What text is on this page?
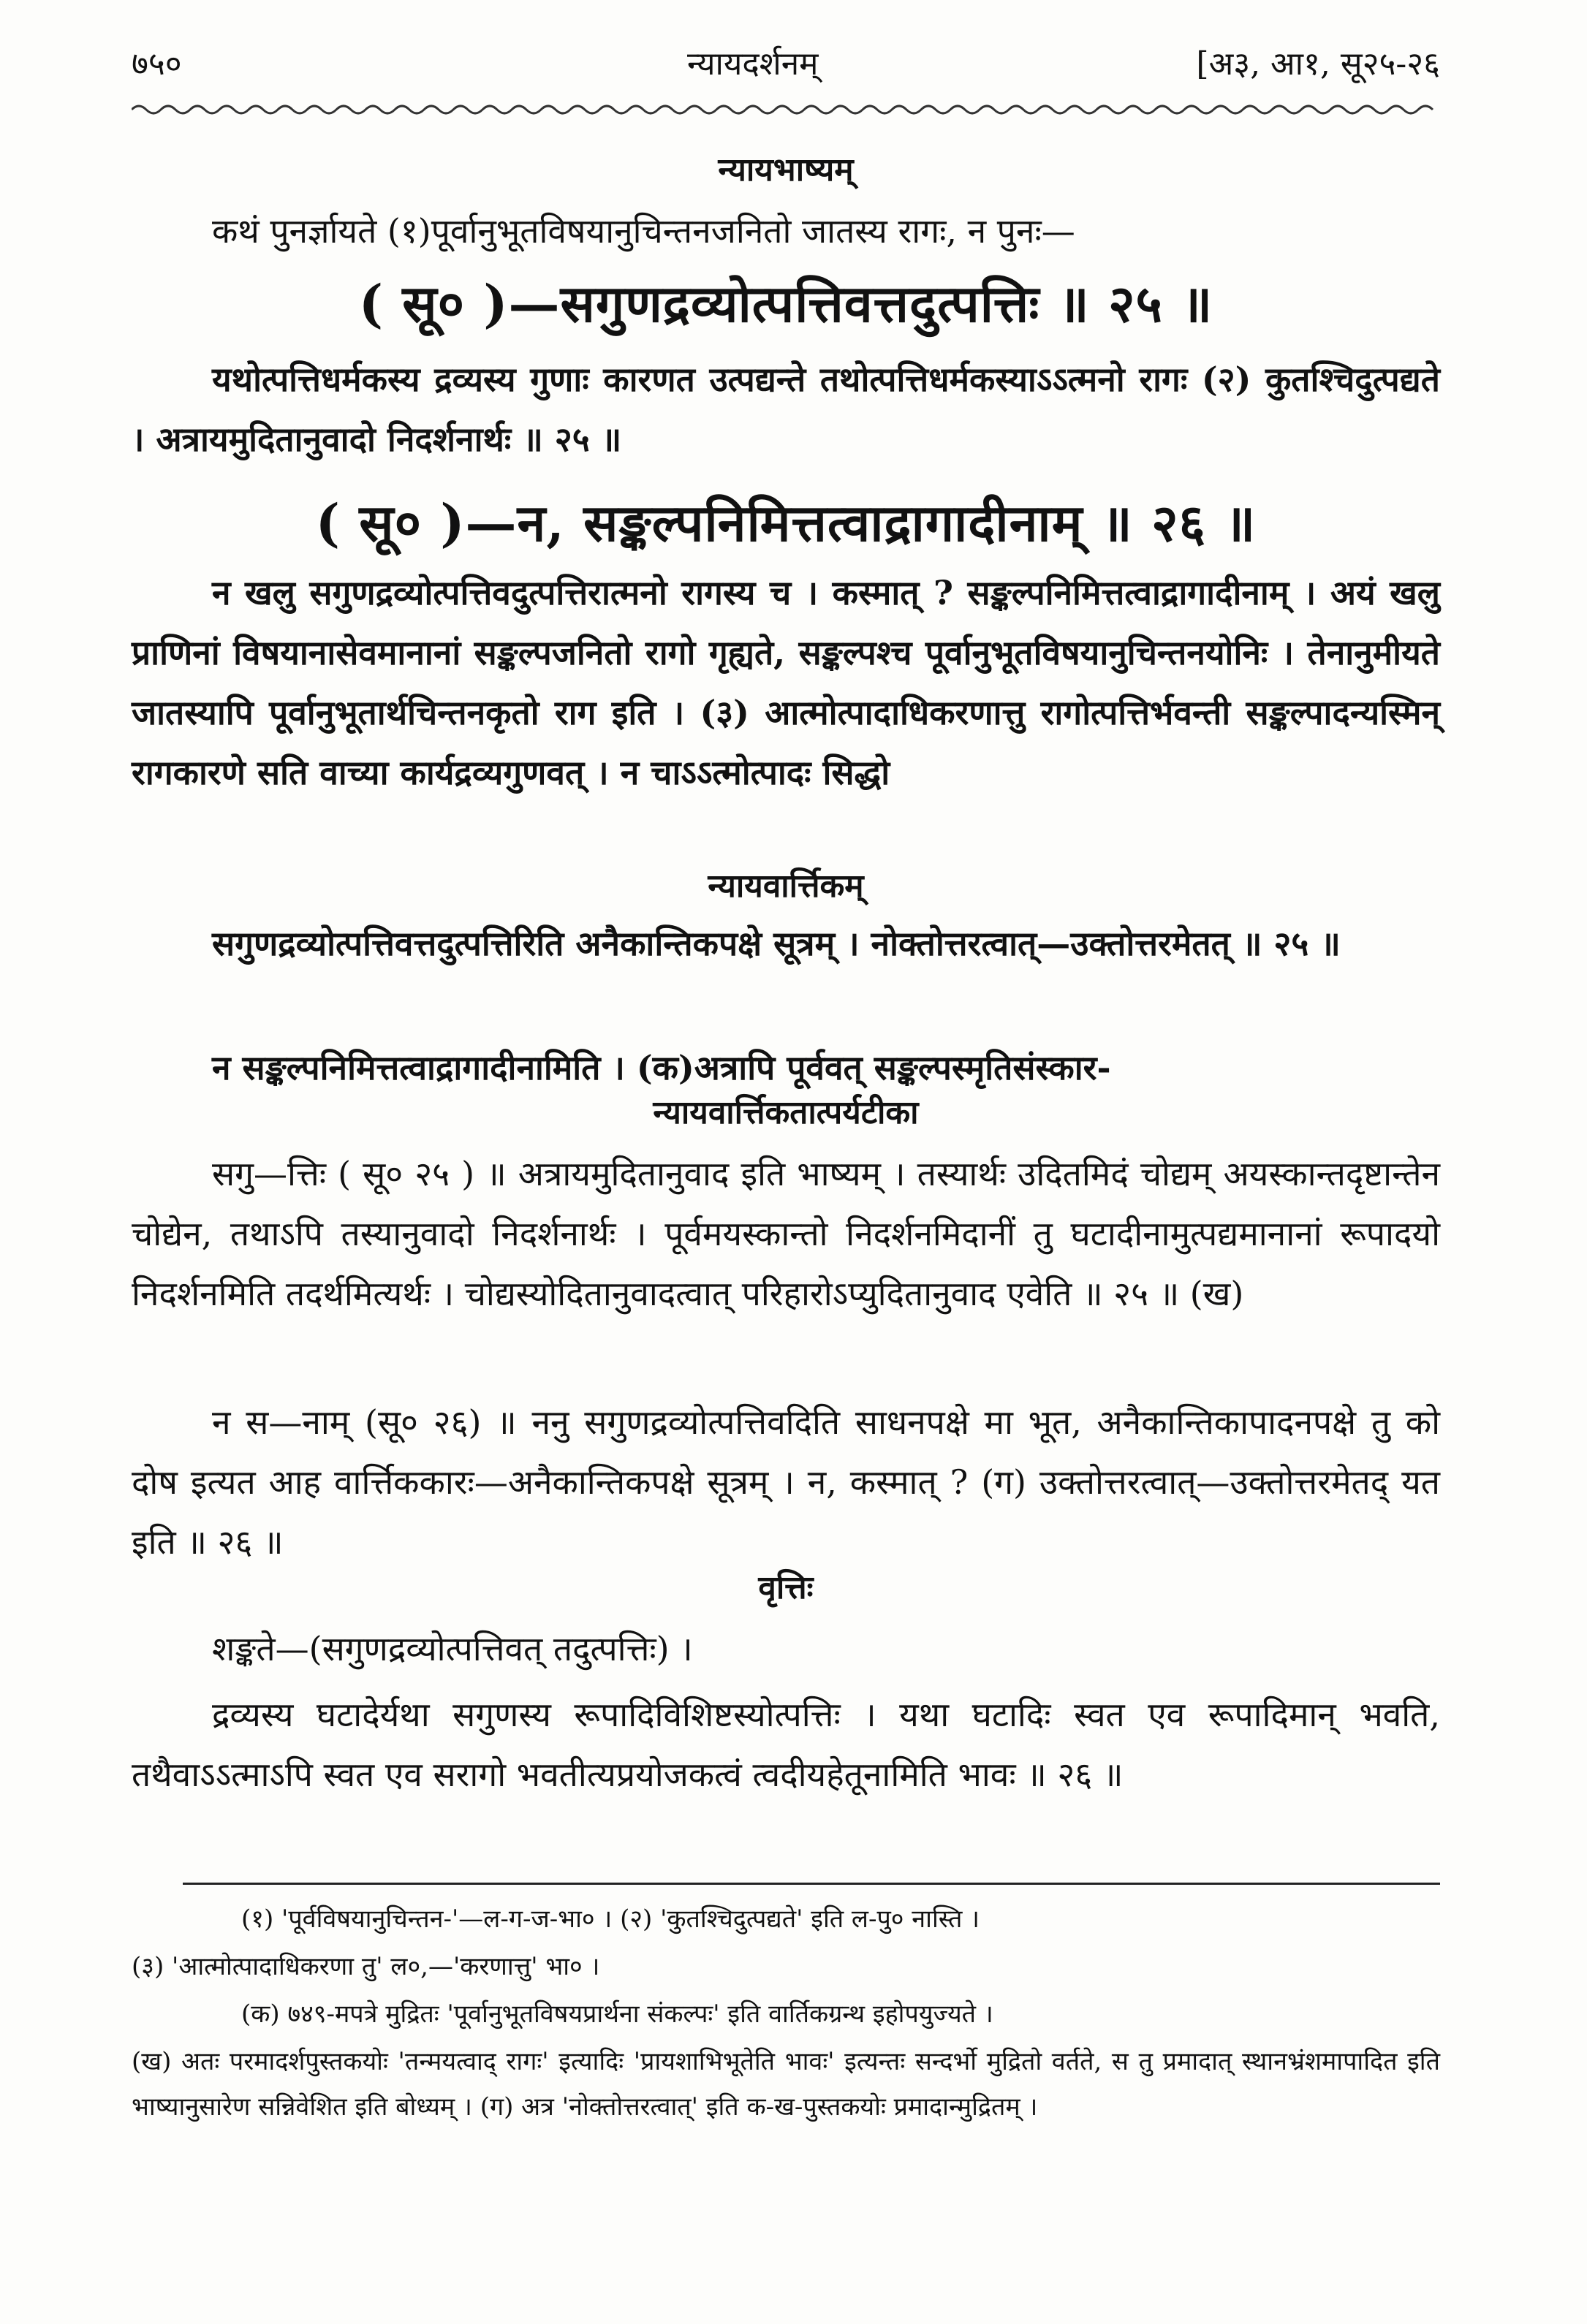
७५०	न्यायदर्शनम्	[अ३, आ१, सू२५-२६
न्यायभाष्यम्
कथं पुनर्ज्ञायते (१)पूर्वानुभूतविषयानुचिन्तनजनितो जातस्य रागः, न पुनः—
( सू० )—सगुणद्रव्योत्पत्तिवत्तदुत्पत्तिः ॥ २५ ॥
यथोत्पत्तिधर्मकस्य द्रव्यस्य गुणाः कारणत उत्पद्यन्ते तथोत्पत्तिधर्मकस्याऽऽत्मनो रागः (२) कुतश्चिदुत्पद्यते । अत्रायमुदितानुवादो निदर्शनार्थः ॥ २५ ॥
( सू० )—न, सङ्कल्पनिमित्तत्वाद्रागादीनाम् ॥ २६ ॥
न खलु सगुणद्रव्योत्पत्तिवदुत्पत्तिरात्मनो रागस्य च । कस्मात् ? सङ्कल्पनिमित्तत्वाद्रागादीनाम् । अयं खलु प्राणिनां विषयानासेवमानानां सङ्कल्पजनितो रागो गृह्यते, सङ्कल्पश्च पूर्वानुभूतविषयानुचिन्तनयोनिः । तेनानुमीयते जातस्यापि पूर्वानुभूतार्थचिन्तनकृतो राग इति । (३) आत्मोत्पादाधिकरणात्तु रागोत्पत्तिर्भवन्ती सङ्कल्पादन्यस्मिन् रागकारणे सति वाच्या कार्यद्रव्यगुणवत् । न चाऽऽत्मोत्पादः सिद्धो
न्यायवार्त्तिकम्
सगुणद्रव्योत्पत्तिवत्तदुत्पत्तिरिति अनैकान्तिकपक्षे सूत्रम् । नोक्तोत्तरत्वात्—उक्तोत्तरमेतत् ॥ २५ ॥
न सङ्कल्पनिमित्तत्वाद्रागादीनामिति । (क)अत्रापि पूर्ववत् सङ्कल्पस्मृतिसंस्कार-
न्यायवार्त्तिकतात्पर्यटीका
सगु—त्तिः ( सू० २५ ) ॥ अत्रायमुदितानुवाद इति भाष्यम् । तस्यार्थः उदितमिदं चोद्यम् अयस्कान्तदृष्टान्तेन चोद्येन, तथाऽपि तस्यानुवादो निदर्शनार्थः । पूर्वमयस्कान्तो निदर्शनमिदानीं तु घटादीनामुत्पद्यमानानां रूपादयो निदर्शनमिति तदर्थमित्यर्थः । चोद्यस्योदितानुवादत्वात् परिहारोऽप्युदितानुवाद एवेति ॥ २५ ॥ (ख)
न स—नाम् (सू० २६) ॥ ननु सगुणद्रव्योत्पत्तिवदिति साधनपक्षे मा भूत, अनैकान्तिकापादनपक्षे तु को दोष इत्यत आह वार्त्तिककारः—अनैकान्तिकपक्षे सूत्रम् । न, कस्मात् ? (ग) उक्तोत्तरत्वात्—उक्तोत्तरमेतद् यत इति ॥ २६ ॥
वृत्तिः
शङ्कते—(सगुणद्रव्योत्पत्तिवत् तदुत्पत्तिः) ।
द्रव्यस्य घटादेर्यथा सगुणस्य रूपादिविशिष्टस्योत्पत्तिः । यथा घटादिः स्वत एव रूपादिमान् भवति, तथैवाऽऽत्माऽपि स्वत एव सरागो भवतीत्यप्रयोजकत्वं त्वदीयहेतूनामिति भावः ॥ २६ ॥
(१) 'पूर्वविषयानुचिन्तन-'—ल-ग-ज-भा० । (२) 'कुतश्चिदुत्पद्यते' इति ल-पु० नास्ति ।
(३) 'आत्मोत्पादाधिकरणा तु' ल०,—'करणात्तु' भा० ।
(क) ७४९-मपत्रे मुद्रितः 'पूर्वानुभूतविषयप्रार्थना संकल्पः' इति वार्तिकग्रन्थ इहोपयुज्यते ।
(ख) अतः परमादर्शपुस्तकयोः 'तन्मयत्वाद् रागः' इत्यादिः 'प्रायशाभिभूतेति भावः' इत्यन्तः सन्दर्भो मुद्रितो वर्तते, स तु प्रमादात् स्थानभ्रंशमापादित इति भाष्यानुसारेण सन्निवेशित इति बोध्यम् । (ग) अत्र 'नोक्तोत्तरत्वात्' इति क-ख-पुस्तकयोः प्रमादान्मुद्रितम् ।
